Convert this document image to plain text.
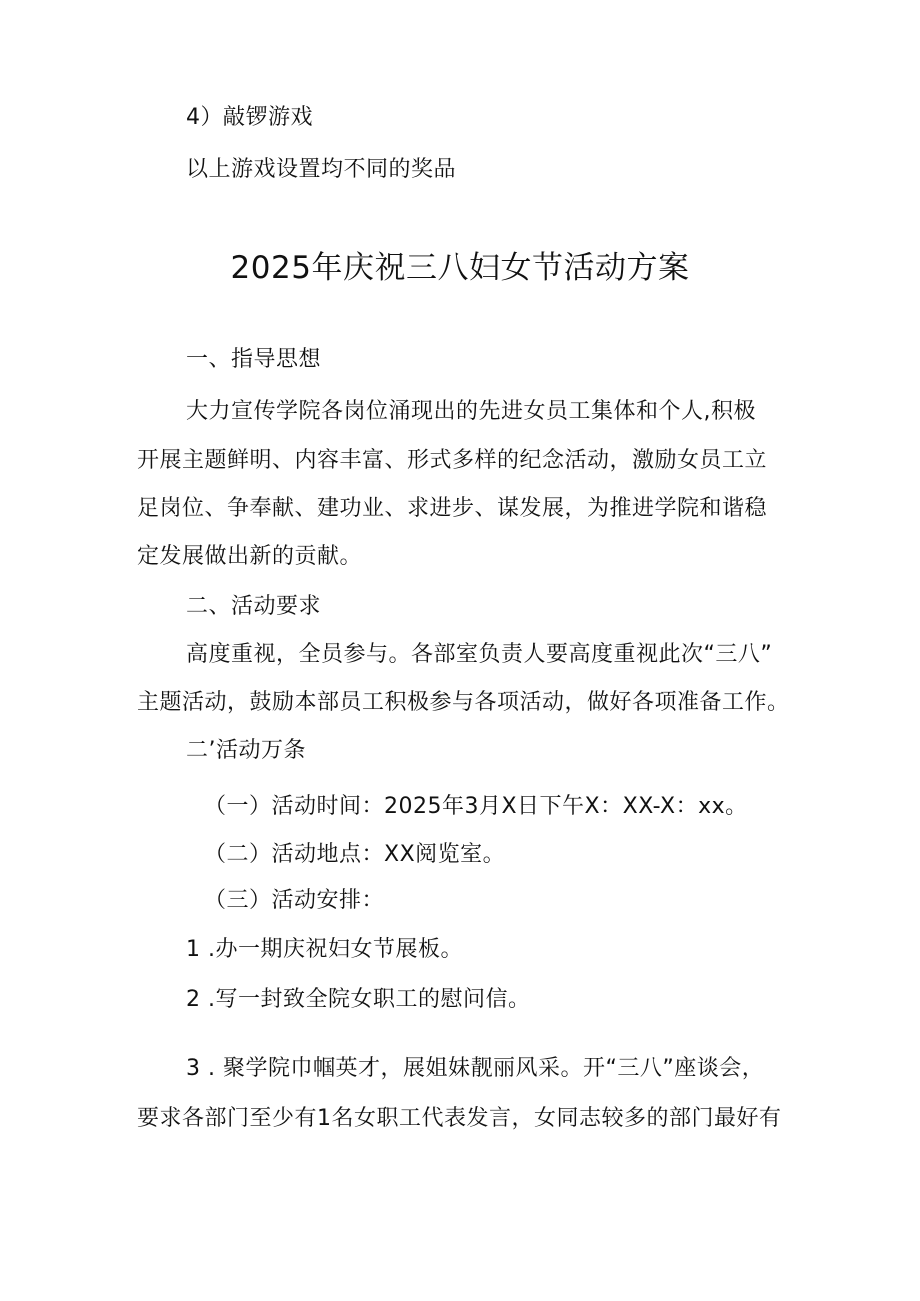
4）敲锣游戏
以上游戏设置均不同的奖品
2025年庆祝三八妇女节活动方案
一、指导思想
大力宣传学院各岗位涌现出的先进女员工集体和个人,积极
开展主题鲜明、内容丰富、形式多样的纪念活动，激励女员工立
足岗位、争奉献、建功业、求进步、谋发展，为推进学院和谐稳
定发展做出新的贡献。
二、活动要求
高度重视，全员参与。各部室负责人要高度重视此次“三八”
主题活动，鼓励本部员工积极参与各项活动，做好各项准备工作。
二’活动万条
（一）活动时间：2025年3月X日下午X：XX-X：xx。
（二）活动地点：XX阅览室。
（三）活动安排：
1 .办一期庆祝妇女节展板。
2 .写一封致全院女职工的慰问信。
3 . 聚学院巾帼英才，展姐妹靓丽风采。开“三八”座谈会，
要求各部门至少有1名女职工代表发言，女同志较多的部门最好有
